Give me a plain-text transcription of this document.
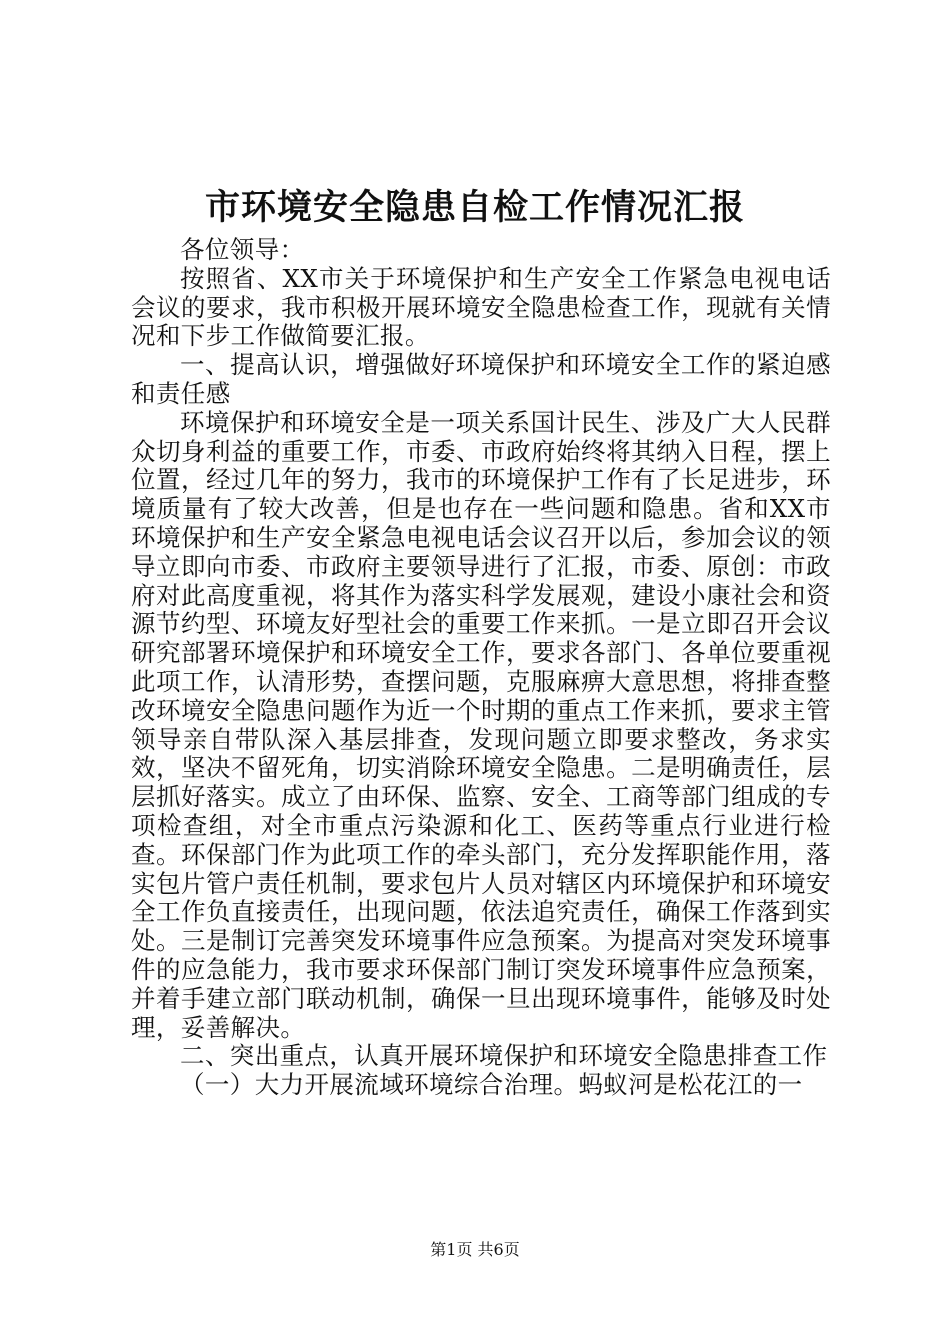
市环境安全隐患自检工作情况汇报

各位领导：

按照省、XX市关于环境保护和生产安全工作紧急电视电话会议的要求，我市积极开展环境安全隐患检查工作，现就有关情况和下步工作做简要汇报。

一、提高认识，增强做好环境保护和环境安全工作的紧迫感和责任感

环境保护和环境安全是一项关系国计民生、涉及广大人民群众切身利益的重要工作，市委、市政府始终将其纳入日程，摆上位置，经过几年的努力，我市的环境保护工作有了长足进步，环境质量有了较大改善，但是也存在一些问题和隐患。省和XX市环境保护和生产安全紧急电视电话会议召开以后，参加会议的领导立即向市委、市政府主要领导进行了汇报，市委、原创：市政府对此高度重视，将其作为落实科学发展观，建设小康社会和资源节约型、环境友好型社会的重要工作来抓。一是立即召开会议研究部署环境保护和环境安全工作，要求各部门、各单位要重视此项工作，认清形势，查摆问题，克服麻痹大意思想，将排查整改环境安全隐患问题作为近一个时期的重点工作来抓，要求主管领导亲自带队深入基层排查，发现问题立即要求整改，务求实效，坚决不留死角，切实消除环境安全隐患。二是明确责任，层层抓好落实。成立了由环保、监察、安全、工商等部门组成的专项检查组，对全市重点污染源和化工、医药等重点行业进行检查。环保部门作为此项工作的牵头部门，充分发挥职能作用，落实包片管户责任机制，要求包片人员对辖区内环境保护和环境安全工作负直接责任，出现问题，依法追究责任，确保工作落到实处。三是制订完善突发环境事件应急预案。为提高对突发环境事件的应急能力，我市要求环保部门制订突发环境事件应急预案，并着手建立部门联动机制，确保一旦出现环境事件，能够及时处理，妥善解决。

二、突出重点，认真开展环境保护和环境安全隐患排查工作

（一）大力开展流域环境综合治理。蚂蚁河是松花江的一

第1页 共6页
